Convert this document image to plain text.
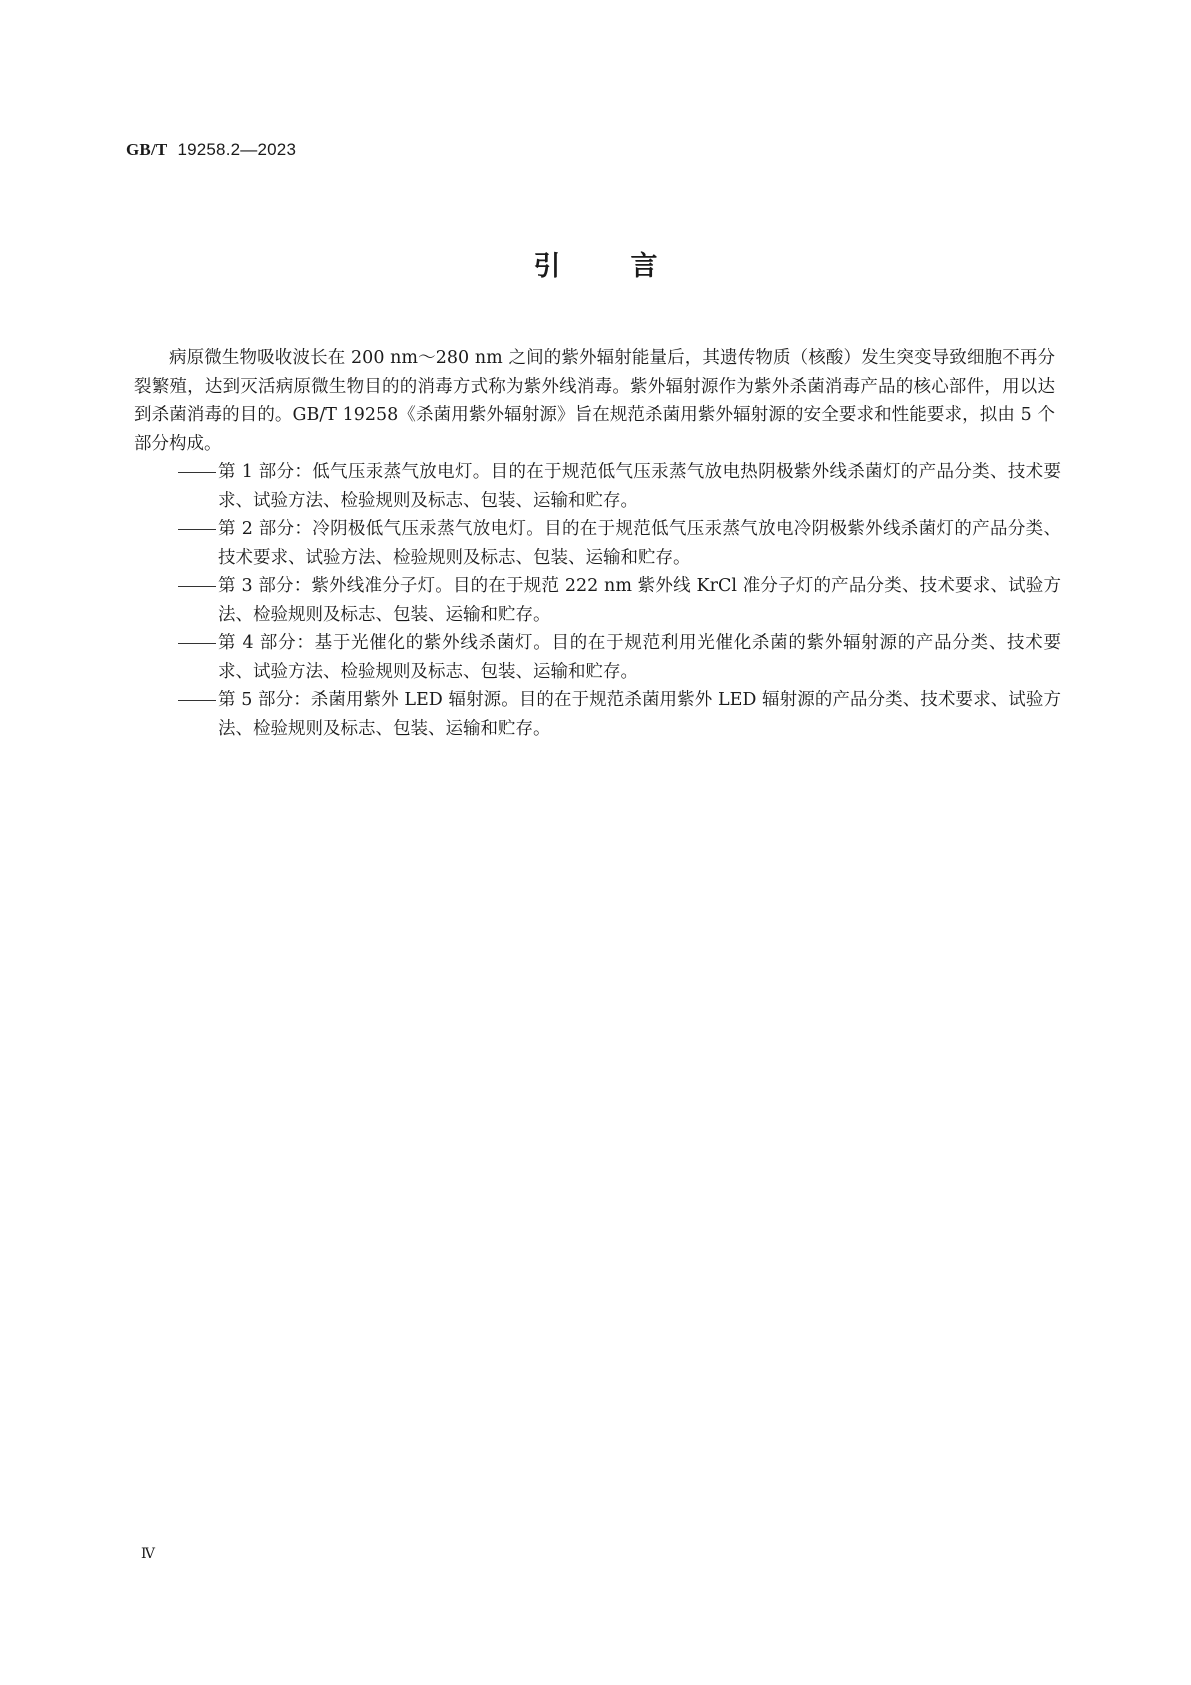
GB/T 19258.2—2023
引	言

病原微生物吸收波长在 200 nm～280 nm 之间的紫外辐射能量后，其遗传物质（核酸）发生突变导致细胞不再分裂繁殖，达到灭活病原微生物目的的消毒方式称为紫外线消毒。紫外辐射源作为紫外杀菌消毒产品的核心部件，用以达到杀菌消毒的目的。GB/T 19258《杀菌用紫外辐射源》旨在规范杀菌用紫外辐射源的安全要求和性能要求，拟由 5 个部分构成。

第 1 部分：低气压汞蒸气放电灯。目的在于规范低气压汞蒸气放电热阴极紫外线杀菌灯的产品分类、技术要求、试验方法、检验规则及标志、包装、运输和贮存。
第 2 部分：冷阴极低气压汞蒸气放电灯。目的在于规范低气压汞蒸气放电冷阴极紫外线杀菌灯的产品分类、技术要求、试验方法、检验规则及标志、包装、运输和贮存。
第 3 部分：紫外线准分子灯。目的在于规范 222 nm 紫外线 KrCl 准分子灯的产品分类、技术要求、试验方法、检验规则及标志、包装、运输和贮存。
第 4 部分：基于光催化的紫外线杀菌灯。目的在于规范利用光催化杀菌的紫外辐射源的产品分类、技术要求、试验方法、检验规则及标志、包装、运输和贮存。
第 5 部分：杀菌用紫外 LED 辐射源。目的在于规范杀菌用紫外 LED 辐射源的产品分类、技术要求、试验方法、检验规则及标志、包装、运输和贮存。
Ⅳ
